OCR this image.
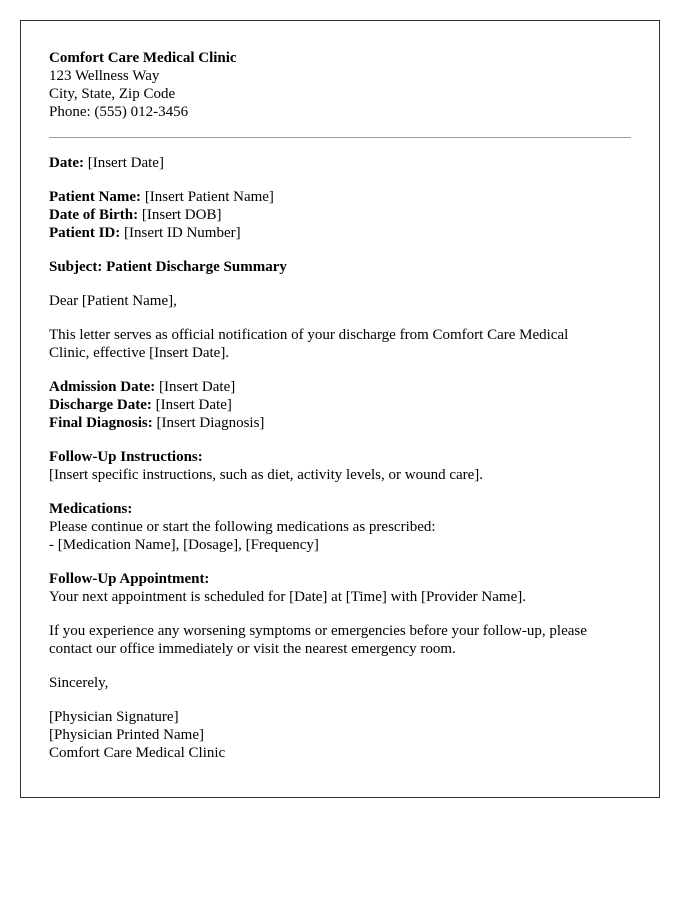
Comfort Care Medical Clinic
123 Wellness Way
City, State, Zip Code
Phone: (555) 012-3456
Date: [Insert Date]
Patient Name: [Insert Patient Name]
Date of Birth: [Insert DOB]
Patient ID: [Insert ID Number]
Subject: Patient Discharge Summary
Dear [Patient Name],
This letter serves as official notification of your discharge from Comfort Care Medical
Clinic, effective [Insert Date].
Admission Date: [Insert Date]
Discharge Date: [Insert Date]
Final Diagnosis: [Insert Diagnosis]
Follow-Up Instructions:
[Insert specific instructions, such as diet, activity levels, or wound care].
Medications:
Please continue or start the following medications as prescribed:
- [Medication Name], [Dosage], [Frequency]
Follow-Up Appointment:
Your next appointment is scheduled for [Date] at [Time] with [Provider Name].
If you experience any worsening symptoms or emergencies before your follow-up, please
contact our office immediately or visit the nearest emergency room.
Sincerely,
[Physician Signature]
[Physician Printed Name]
Comfort Care Medical Clinic
